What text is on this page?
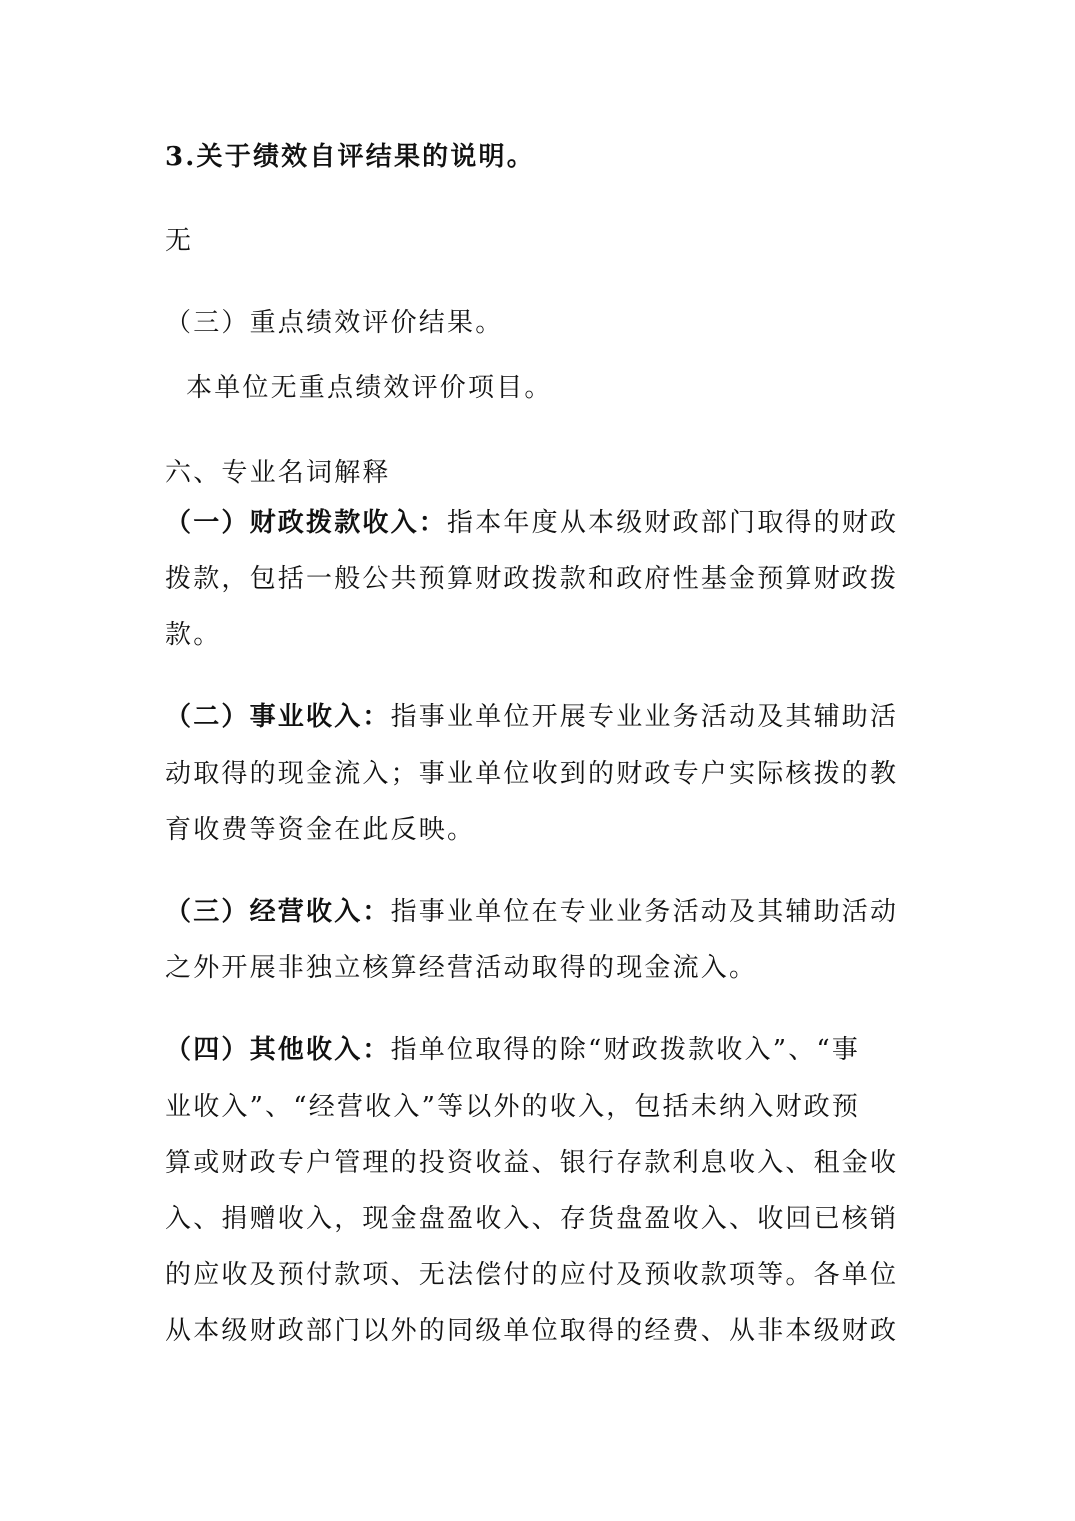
3.关于绩效自评结果的说明。
无
（三）重点绩效评价结果。
本单位无重点绩效评价项目。
六、专业名词解释
（一）财政拨款收入：指本年度从本级财政部门取得的财政
拨款，包括一般公共预算财政拨款和政府性基金预算财政拨
款。
（二）事业收入：指事业单位开展专业业务活动及其辅助活
动取得的现金流入；事业单位收到的财政专户实际核拨的教
育收费等资金在此反映。
（三）经营收入：指事业单位在专业业务活动及其辅助活动
之外开展非独立核算经营活动取得的现金流入。
（四）其他收入：指单位取得的除“财政拨款收入”、“事
业收入”、“经营收入”等以外的收入，包括未纳入财政预
算或财政专户管理的投资收益、银行存款利息收入、租金收
入、捐赠收入，现金盘盈收入、存货盘盈收入、收回已核销
的应收及预付款项、无法偿付的应付及预收款项等。各单位
从本级财政部门以外的同级单位取得的经费、从非本级财政
